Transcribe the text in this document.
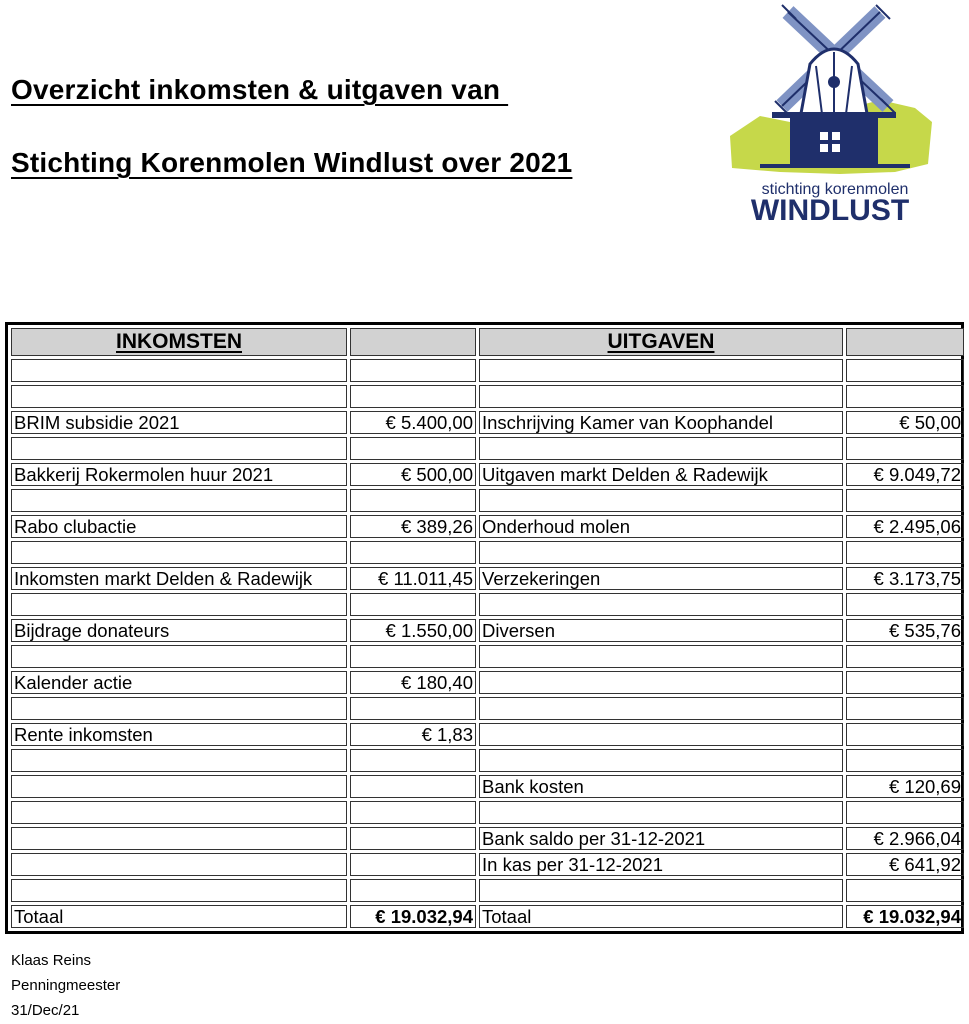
Overzicht inkomsten & uitgaven van
Stichting Korenmolen Windlust over 2021
stichting korenmolen
WINDLUST
INKOMSTEN		UITGAVEN	

BRIM subsidie 2021	€ 5.400,00	Inschrijving Kamer van Koophandel	€ 50,00

Bakkerij Rokermolen huur 2021	€ 500,00	Uitgaven markt Delden & Radewijk	€ 9.049,72

Rabo clubactie	€ 389,26	Onderhoud molen	€ 2.495,06

Inkomsten markt Delden & Radewijk	€ 11.011,45	Verzekeringen	€ 3.173,75

Bijdrage donateurs	€ 1.550,00	Diversen	€ 535,76

Kalender actie	€ 180,40		

Rente inkomsten	€ 1,83		

		Bank kosten	€ 120,69

		Bank saldo per 31-12-2021	€ 2.966,04
		In kas per 31-12-2021	€ 641,92

Totaal	€ 19.032,94	Totaal	€ 19.032,94
Klaas Reins
Penningmeester
31/Dec/21
